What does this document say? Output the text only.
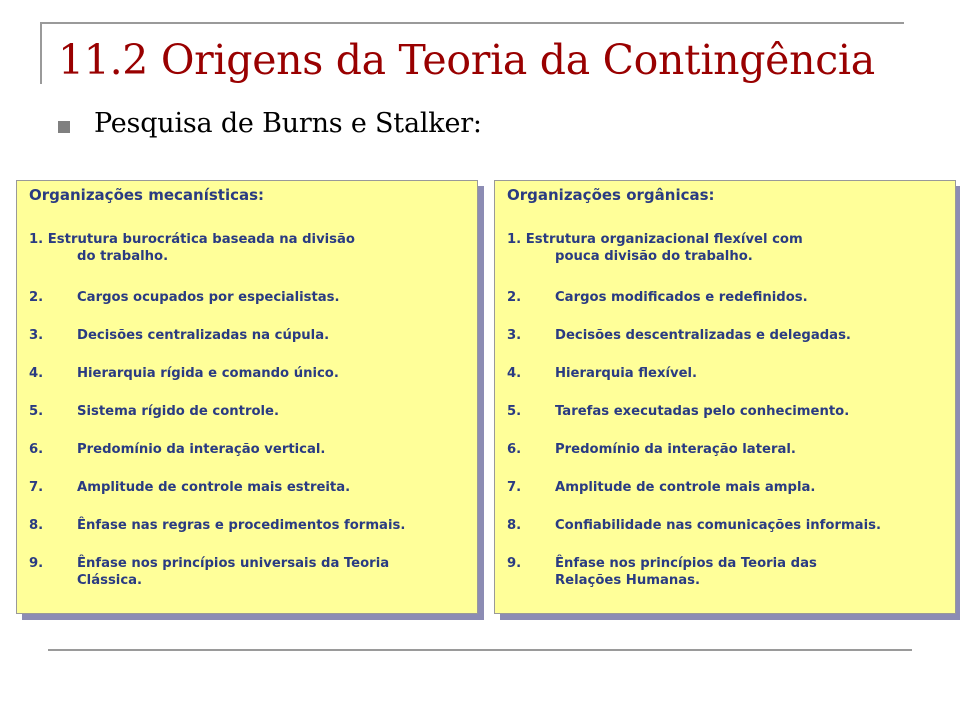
11.2 Origens da Teoria da Contingência
Pesquisa de Burns e Stalker:
Organizações mecanísticas:
1. Estrutura burocrática baseada na divisão
do trabalho.
2.	Cargos ocupados por especialistas.
3.	Decisões centralizadas na cúpula.
4.	Hierarquia rígida e comando único.
5.	Sistema rígido de controle.
6.	Predomínio da interação vertical.
7.	Amplitude de controle mais estreita.
8.	Ênfase nas regras e procedimentos formais.
9.	Ênfase nos princípios universais da Teoria
Clássica.
Organizações orgânicas:
1. Estrutura organizacional flexível com
pouca divisão do trabalho.
2.	Cargos modificados e redefinidos.
3.	Decisões descentralizadas e delegadas.
4.	Hierarquia flexível.
5.	Tarefas executadas pelo conhecimento.
6.	Predomínio da interação lateral.
7.	Amplitude de controle mais ampla.
8.	Confiabilidade nas comunicações informais.
9.	Ênfase nos princípios da Teoria das
Relações Humanas.
